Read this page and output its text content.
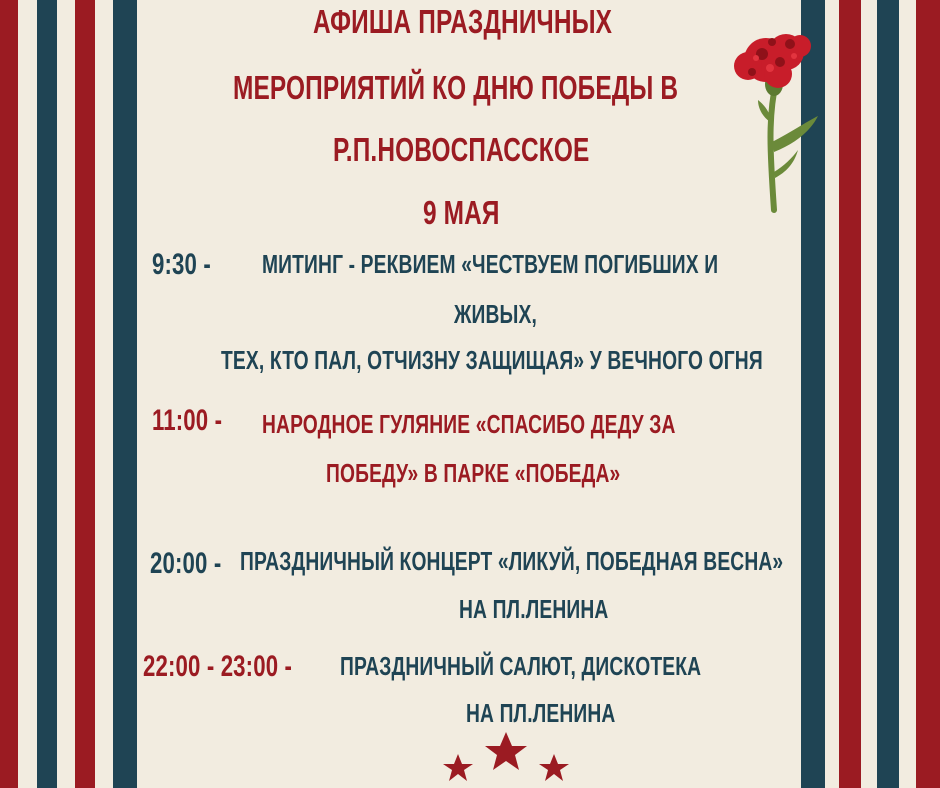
АФИША ПРАЗДНИЧНЫХ

МЕРОПРИЯТИЙ КО ДНЮ ПОБЕДЫ В

Р.П.НОВОСПАССКОЕ

9 МАЯ

9:30 - МИТИНГ - РЕКВИЕМ «ЧЕСТВУЕМ ПОГИБШИХ И

ЖИВЫХ,

ТЕХ, КТО ПАЛ, ОТЧИЗНУ ЗАЩИЩАЯ» У ВЕЧНОГО ОГНЯ

11:00 - НАРОДНОЕ ГУЛЯНИЕ «СПАСИБО ДЕДУ ЗА

ПОБЕДУ» В ПАРКЕ «ПОБЕДА»

20:00 - ПРАЗДНИЧНЫЙ КОНЦЕРТ «ЛИКУЙ, ПОБЕДНАЯ ВЕСНА»

НА ПЛ.ЛЕНИНА

22:00 - 23:00 - ПРАЗДНИЧНЫЙ САЛЮТ, ДИСКОТЕКА

НА ПЛ.ЛЕНИНА
